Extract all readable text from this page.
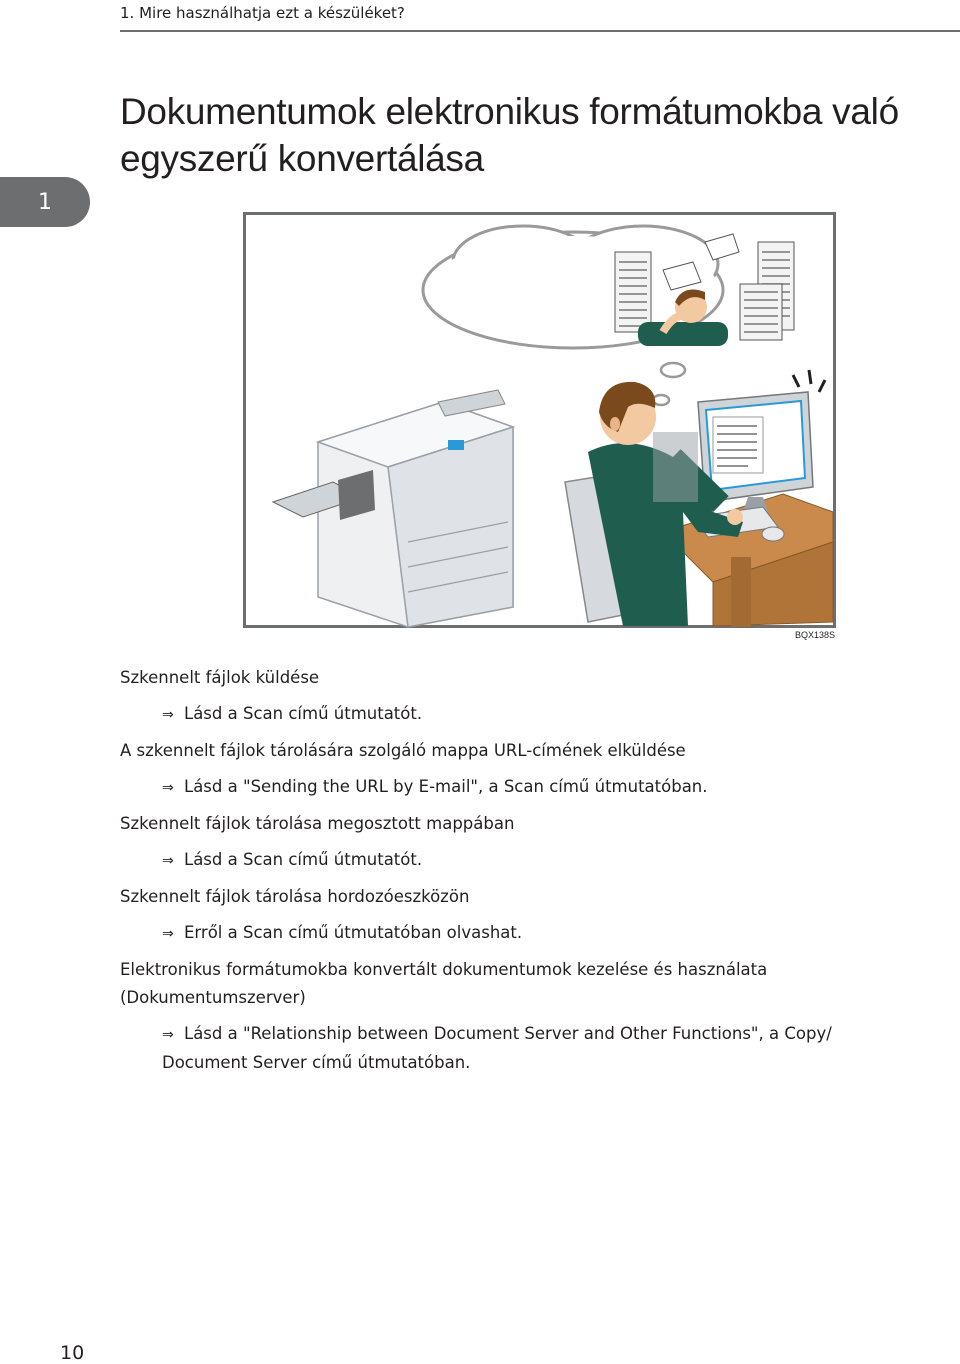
1. Mire használhatja ezt a készüléket?
1
Dokumentumok elektronikus formátumokba való egyszerű konvertálása
BQX138S

Szkennelt fájlok küldése

⇒ Lásd a Scan című útmutatót.

A szkennelt fájlok tárolására szolgáló mappa URL-címének elküldése

⇒ Lásd a "Sending the URL by E-mail", a Scan című útmutatóban.

Szkennelt fájlok tárolása megosztott mappában

⇒ Lásd a Scan című útmutatót.

Szkennelt fájlok tárolása hordozóeszközön

⇒ Erről a Scan című útmutatóban olvashat.

Elektronikus formátumokba konvertált dokumentumok kezelése és használata (Dokumentumszerver)

⇒ Lásd a "Relationship between Document Server and Other Functions", a Copy/ Document Server című útmutatóban.

10
